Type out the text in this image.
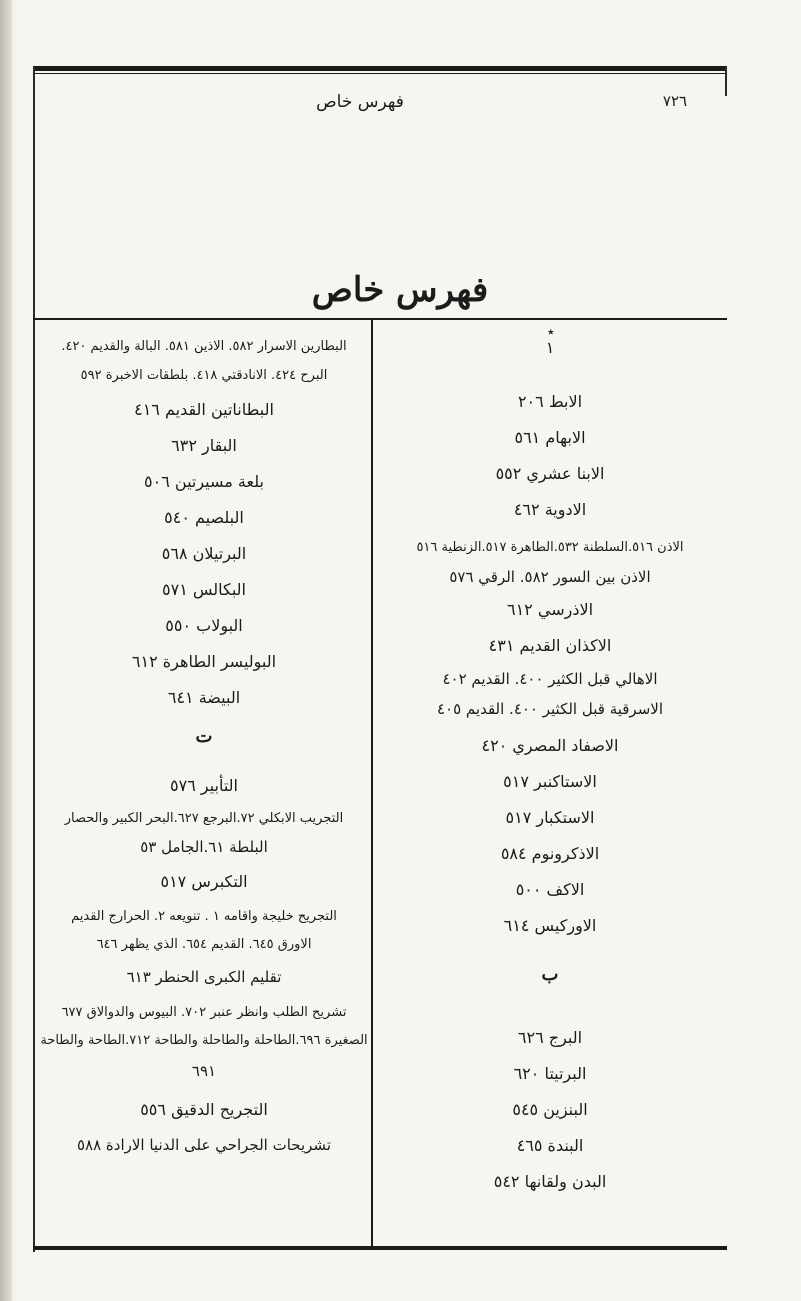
فهرس خاص	٧٢٦
فهرس خاص
٭
١
الابط ٢٠٦
الابهام ٥٦١
الابنا عشري ٥٥٢
الادوية ٤٦٢
الاذن ٥١٦.السلطنة ٥٣٢.الطاهرة ٥١٧.الزنطية ٥١٦
الاذن بين السور ٥٨٢. الرقي ٥٧٦
الاذرسي ٦١٢
الاكذان القديم ٤٣١
الاهالي قبل الكثير ٤٠٠. القديم ٤٠٢
الاسرقية قبل الكثير ٤٠٠. القديم ٤٠٥
الاصفاد المصري ٤٢٠
الاستاكنبر ٥١٧
الاستكبار ٥١٧
الاذكرونوم ٥٨٤
الاكف ٥٠٠
الاوركيس ٦١٤
ب
البرج ٦٢٦
البرتيتا ٦٢٠
البنزين ٥٤٥
البندة ٤٦٥
البدن ولقانها ٥٤٢
البطارين الاسرار ٥٨٢. الاذين ٥٨١. البالة والقديم ٤٢٠.
البرح ٤٢٤. الانادقتي ٤١٨. بلطقات الاخبرة ٥٩٢
البطاناتين القديم ٤١٦
البقار ٦٣٢
بلعة مسيرتين ٥٠٦
البلصيم ٥٤٠
البرتيلان ٥٦٨
البكالس ٥٧١
البولاب ٥٥٠
البوليسر الطاهرة ٦١٢
البيضة ٦٤١
ت
التأبير ٥٧٦
التجريب الابكلي ٧٢.البرجع ٦٢٧.البحر الكبير والحصار
البلطة ٦١.الجامل ٥٣
التكبرس ٥١٧
التجريح خليجة واقامه ١ . تنويعه ٢. الحرارج القديم
الاورق ٦٤٥. القديم ٦٥٤. الذي يظهر ٦٤٦
تقليم الكبرى الحنطر ٦١٣
تشريح الطلب وانظر عنبر ٧٠٢. البيوس والدوالاق ٦٧٧
الصغيرة ٦٩٦.الطاحلة والطاحلة والطاحة ٧١٢.الطاحة والطاحة
٦٩١
التجريح الدقيق ٥٥٦
تشريحات الجراحي على الدنيا الارادة ٥٨٨
